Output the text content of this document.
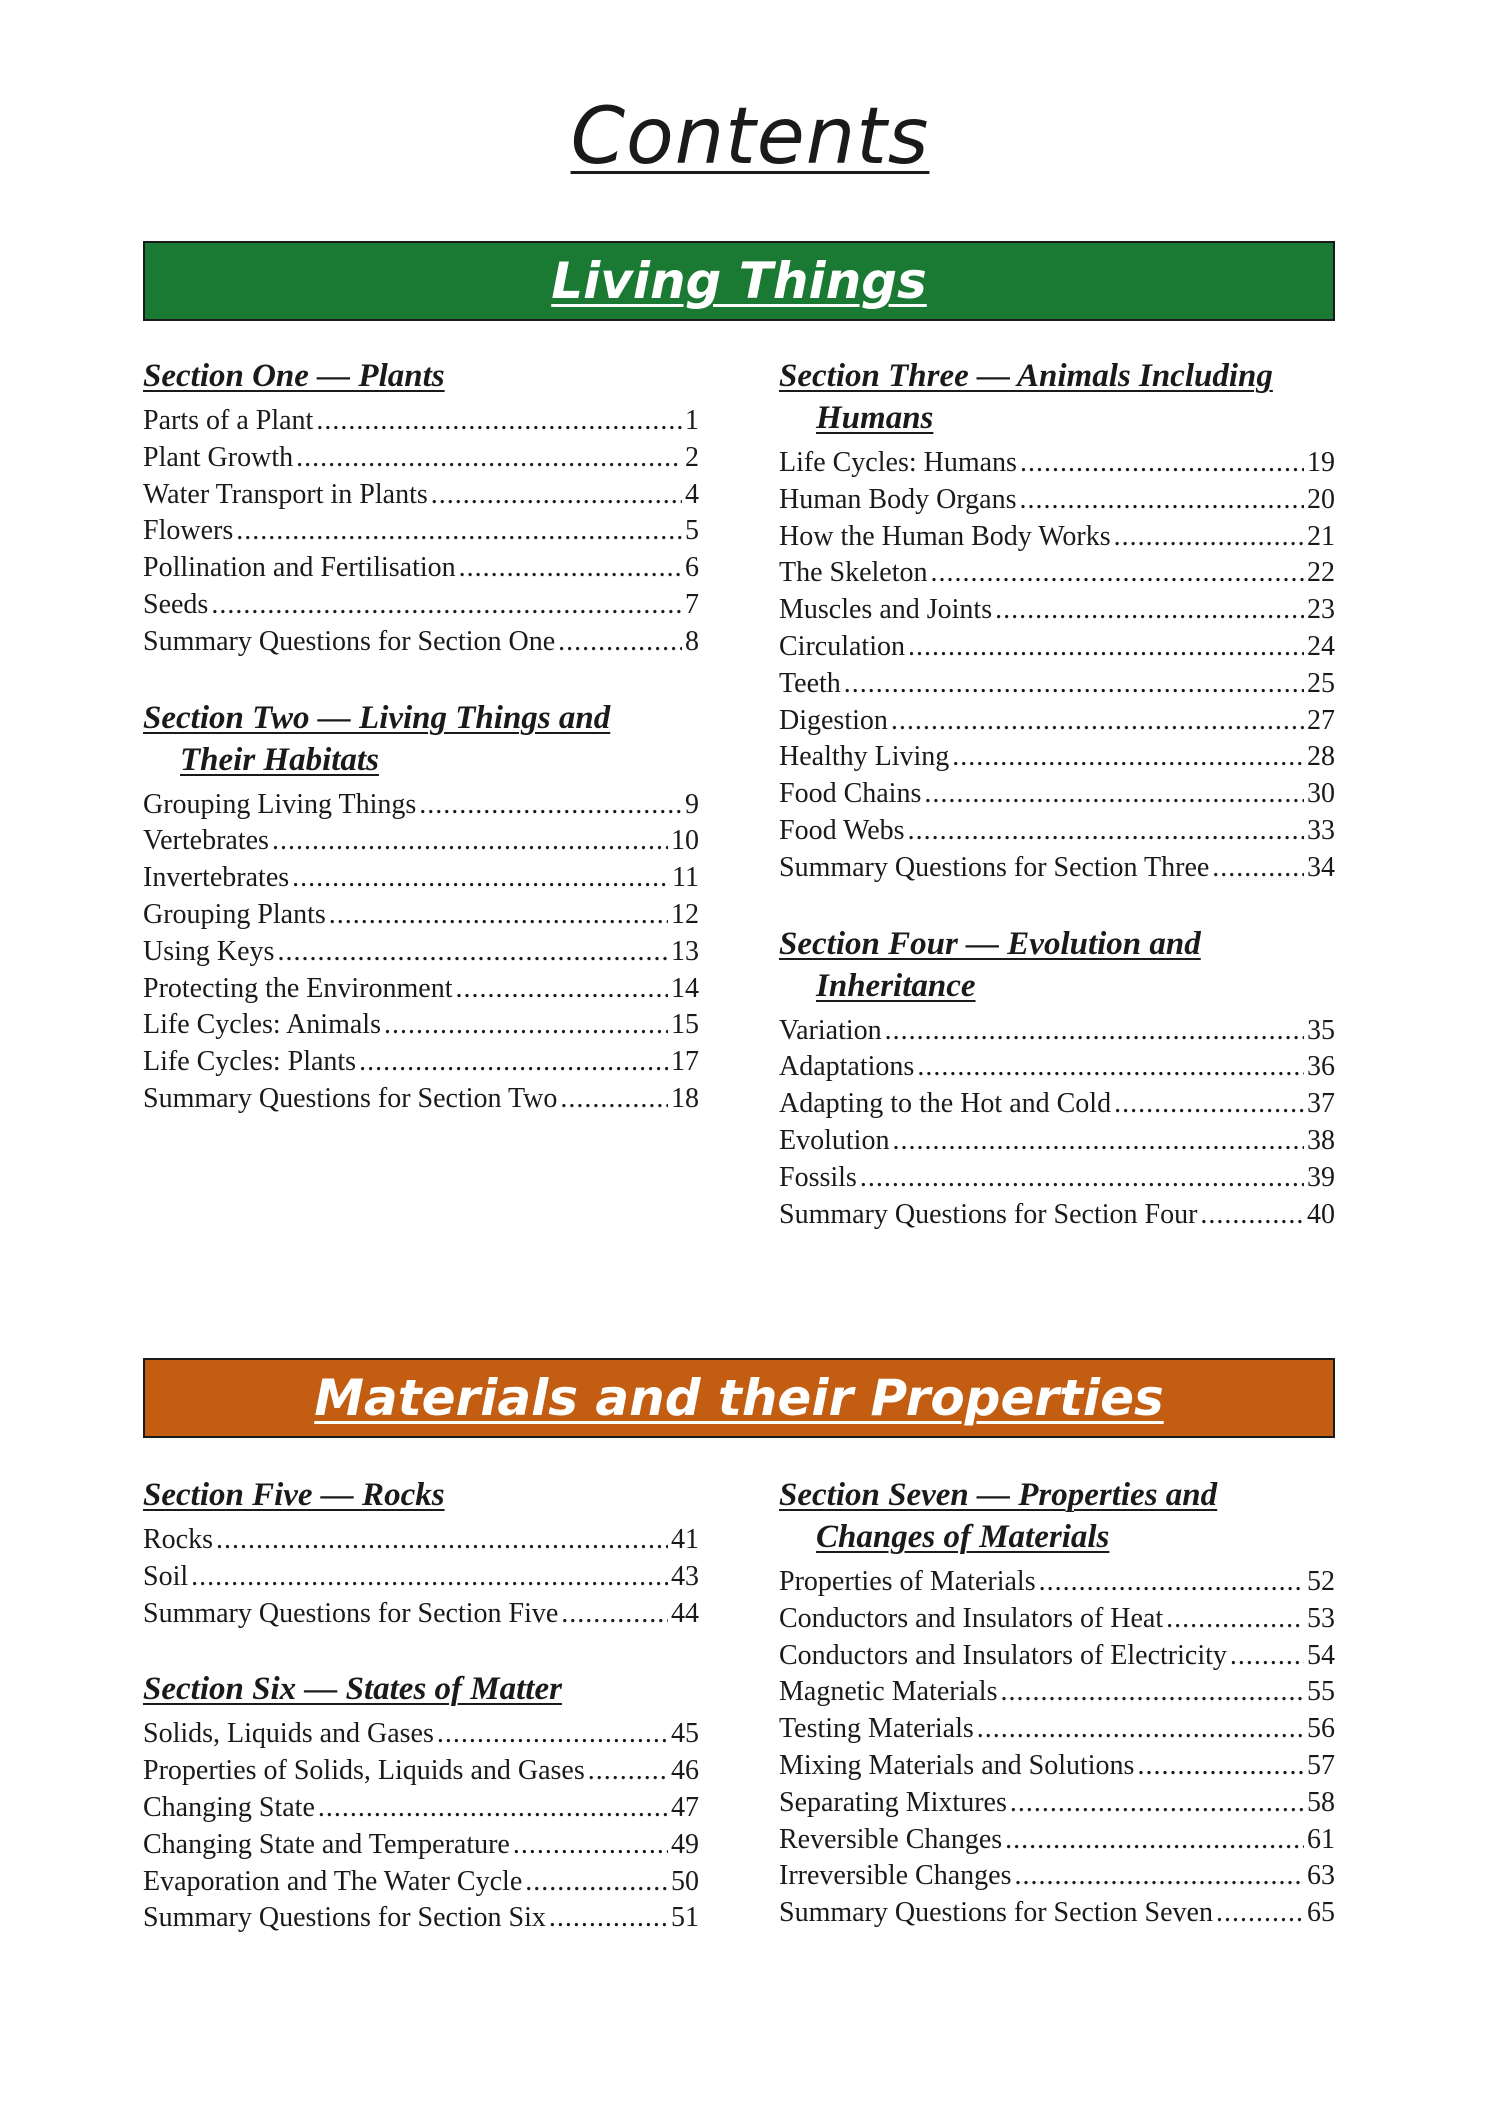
Contents
Living Things
Section One — Plants
Parts of a Plant .....	1
Plant Growth .....	2
Water Transport in Plants .....	4
Flowers .....	5
Pollination and Fertilisation .....	6
Seeds .....	7
Summary Questions for Section One .....	8
Section Two — Living Things and
Their Habitats
Grouping Living Things .....	9
Vertebrates .....	10
Invertebrates .....	11
Grouping Plants .....	12
Using Keys .....	13
Protecting the Environment .....	14
Life Cycles: Animals .....	15
Life Cycles: Plants .....	17
Summary Questions for Section Two .....	18
Section Three — Animals Including
Humans
Life Cycles: Humans .....	19
Human Body Organs .....	20
How the Human Body Works .....	21
The Skeleton .....	22
Muscles and Joints .....	23
Circulation .....	24
Teeth .....	25
Digestion .....	27
Healthy Living .....	28
Food Chains .....	30
Food Webs .....	33
Summary Questions for Section Three .....	34
Section Four — Evolution and
Inheritance
Variation .....	35
Adaptations .....	36
Adapting to the Hot and Cold .....	37
Evolution .....	38
Fossils .....	39
Summary Questions for Section Four .....	40
Materials and their Properties
Section Five — Rocks
Rocks .....	41
Soil .....	43
Summary Questions for Section Five .....	44
Section Six — States of Matter
Solids, Liquids and Gases .....	45
Properties of Solids, Liquids and Gases .....	46
Changing State .....	47
Changing State and Temperature .....	49
Evaporation and The Water Cycle .....	50
Summary Questions for Section Six .....	51
Section Seven — Properties and
Changes of Materials
Properties of Materials .....	52
Conductors and Insulators of Heat .....	53
Conductors and Insulators of Electricity .....	54
Magnetic Materials .....	55
Testing Materials .....	56
Mixing Materials and Solutions .....	57
Separating Mixtures .....	58
Reversible Changes .....	61
Irreversible Changes .....	63
Summary Questions for Section Seven .....	65
